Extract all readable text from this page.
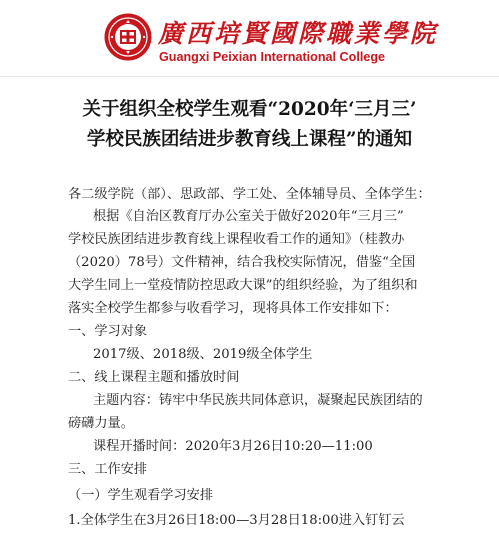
廣西培賢國際職業學院
Guangxi Peixian International College
关于组织全校学生观看“2020年‘三月三’
学校民族团结进步教育线上课程”的通知
各二级学院（部）、思政部、学工处、全体辅导员、全体学生：
根据《自治区教育厅办公室关于做好2020年“三月三”
学校民族团结进步教育线上课程收看工作的通知》（桂教办
（2020）78号）文件精神，结合我校实际情况，借鉴“全国
大学生同上一堂疫情防控思政大课”的组织经验，为了组织和
落实全校学生都参与收看学习，现将具体工作安排如下：
一、学习对象
2017级、2018级、2019级全体学生
二、线上课程主题和播放时间
主题内容：铸牢中华民族共同体意识，凝聚起民族团结的
磅礴力量。
课程开播时间：2020年3月26日10:20—11:00
三、工作安排
（一）学生观看学习安排
1.全体学生在3月26日18:00—3月28日18:00进入钉钉云
